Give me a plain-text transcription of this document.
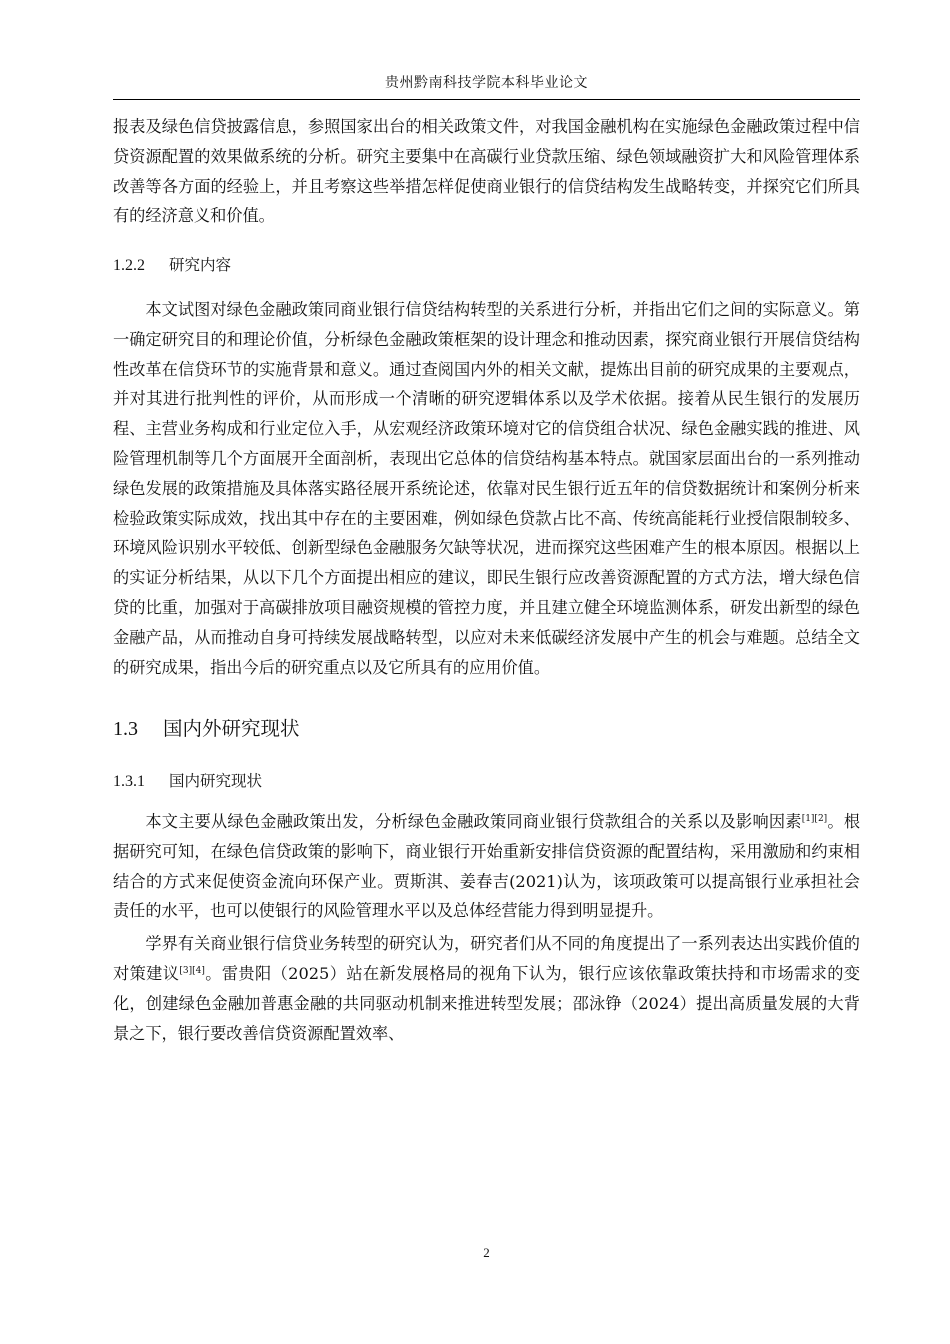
贵州黔南科技学院本科毕业论文

报表及绿色信贷披露信息，参照国家出台的相关政策文件，对我国金融机构在实施绿色金融政策过程中信贷资源配置的效果做系统的分析。研究主要集中在高碳行业贷款压缩、绿色领域融资扩大和风险管理体系改善等各方面的经验上，并且考察这些举措怎样促使商业银行的信贷结构发生战略转变，并探究它们所具有的经济意义和价值。

1.2.2 研究内容

本文试图对绿色金融政策同商业银行信贷结构转型的关系进行分析，并指出它们之间的实际意义。第一确定研究目的和理论价值，分析绿色金融政策框架的设计理念和推动因素，探究商业银行开展信贷结构性改革在信贷环节的实施背景和意义。通过查阅国内外的相关文献，提炼出目前的研究成果的主要观点，并对其进行批判性的评价，从而形成一个清晰的研究逻辑体系以及学术依据。接着从民生银行的发展历程、主营业务构成和行业定位入手，从宏观经济政策环境对它的信贷组合状况、绿色金融实践的推进、风险管理机制等几个方面展开全面剖析，表现出它总体的信贷结构基本特点。就国家层面出台的一系列推动绿色发展的政策措施及具体落实路径展开系统论述，依靠对民生银行近五年的信贷数据统计和案例分析来检验政策实际成效，找出其中存在的主要困难，例如绿色贷款占比不高、传统高能耗行业授信限制较多、环境风险识别水平较低、创新型绿色金融服务欠缺等状况，进而探究这些困难产生的根本原因。根据以上的实证分析结果，从以下几个方面提出相应的建议，即民生银行应改善资源配置的方式方法，增大绿色信贷的比重，加强对于高碳排放项目融资规模的管控力度，并且建立健全环境监测体系，研发出新型的绿色金融产品，从而推动自身可持续发展战略转型，以应对未来低碳经济发展中产生的机会与难题。总结全文的研究成果，指出今后的研究重点以及它所具有的应用价值。

1.3 国内外研究现状
1.3.1 国内研究现状

本文主要从绿色金融政策出发，分析绿色金融政策同商业银行贷款组合的关系以及影响因素[1][2]。根据研究可知，在绿色信贷政策的影响下，商业银行开始重新安排信贷资源的配置结构，采用激励和约束相结合的方式来促使资金流向环保产业。贾斯淇、姜春吉(2021)认为，该项政策可以提高银行业承担社会责任的水平，也可以使银行的风险管理水平以及总体经营能力得到明显提升。

学界有关商业银行信贷业务转型的研究认为，研究者们从不同的角度提出了一系列表达出实践价值的对策建议[3][4]。雷贵阳（2025）站在新发展格局的视角下认为，银行应该依靠政策扶持和市场需求的变化，创建绿色金融加普惠金融的共同驱动机制来推进转型发展；邵泳铮（2024）提出高质量发展的大背景之下，银行要改善信贷资源配置效率、

2
